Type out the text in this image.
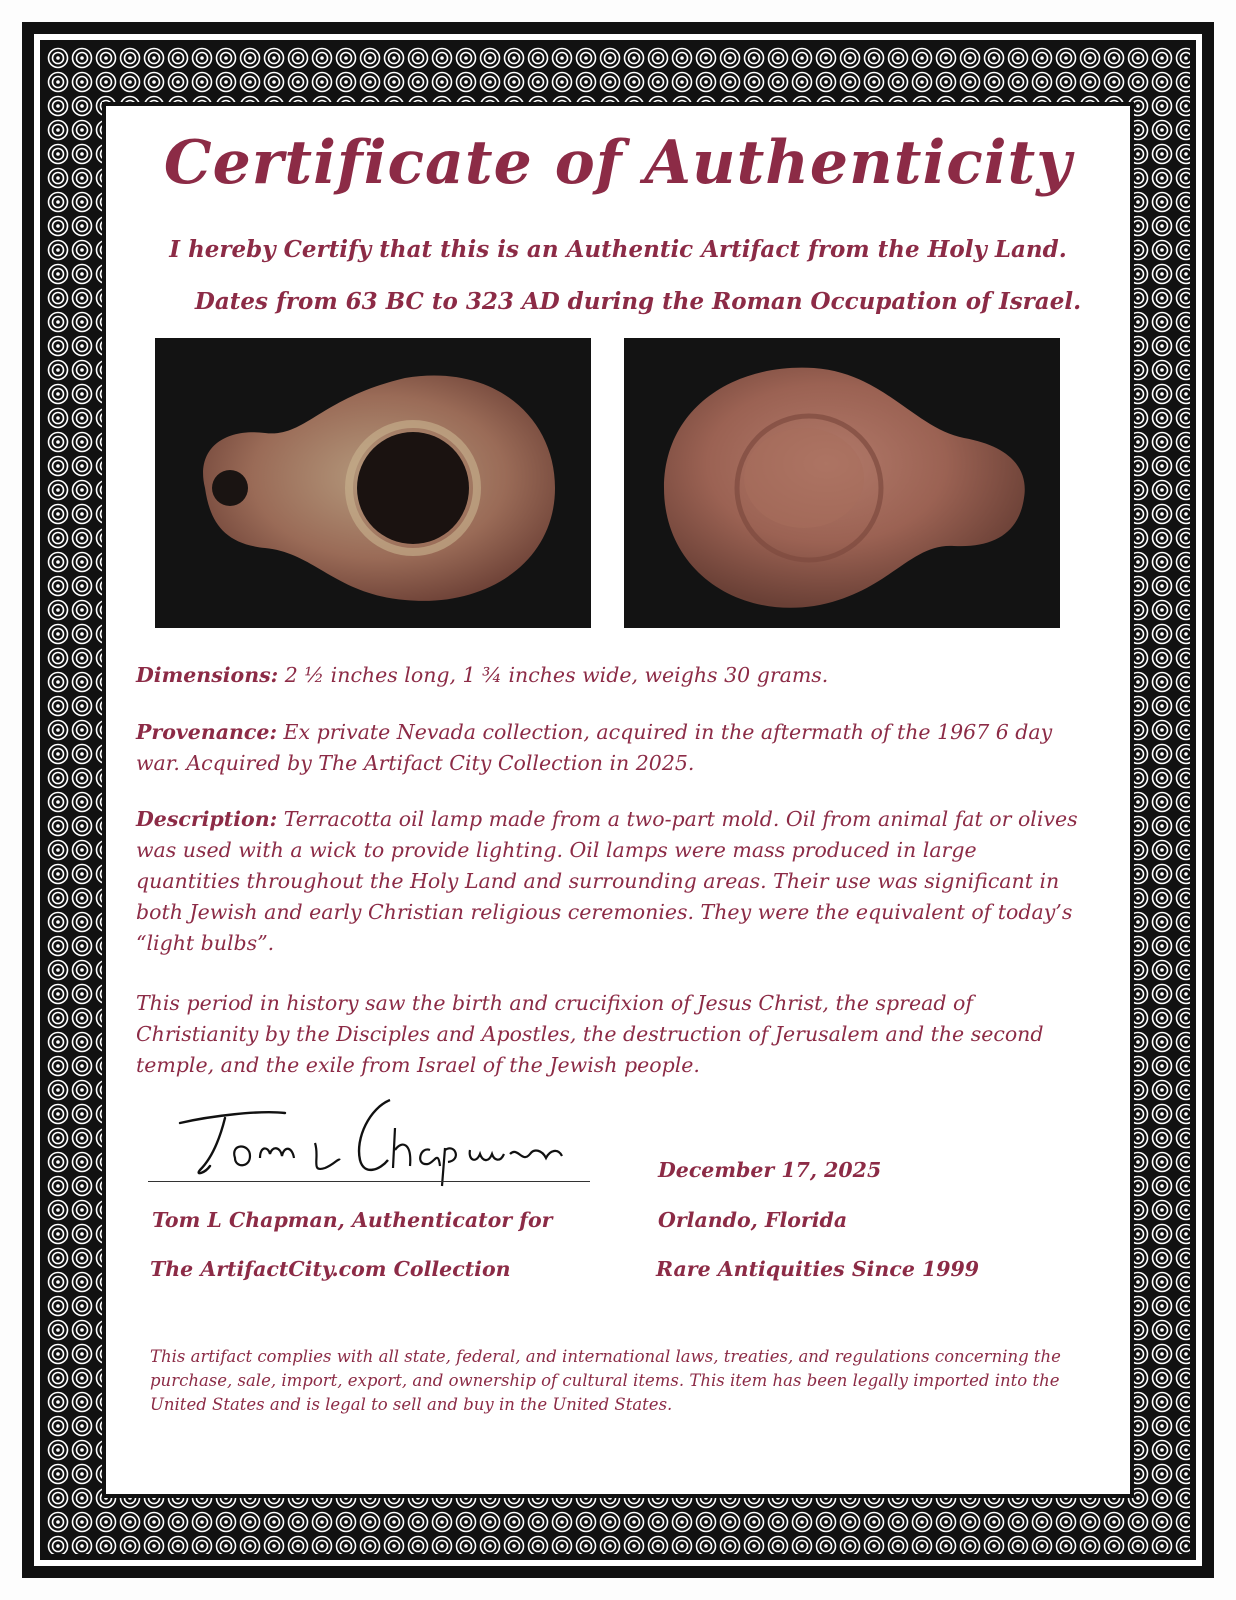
Certificate of Authenticity
I hereby Certify that this is an Authentic Artifact from the Holy Land.
Dates from 63 BC to 323 AD during the Roman Occupation of Israel.
Dimensions: 2 ½ inches long, 1 ¾ inches wide, weighs 30 grams.
Provenance: Ex private Nevada collection, acquired in the aftermath of the 1967 6 day war. Acquired by The Artifact City Collection in 2025.
Description: Terracotta oil lamp made from a two-part mold. Oil from animal fat or olives was used with a wick to provide lighting. Oil lamps were mass produced in large quantities throughout the Holy Land and surrounding areas. Their use was significant in both Jewish and early Christian religious ceremonies. They were the equivalent of today’s “light bulbs”.
This period in history saw the birth and crucifixion of Jesus Christ, the spread of Christianity by the Disciples and Apostles, the destruction of Jerusalem and the second temple, and the exile from Israel of the Jewish people.
Tom L Chapman, Authenticator for
The ArtifactCity.com Collection
December 17, 2025
Orlando, Florida
Rare Antiquities Since 1999
This artifact complies with all state, federal, and international laws, treaties, and regulations concerning the purchase, sale, import, export, and ownership of cultural items. This item has been legally imported into the United States and is legal to sell and buy in the United States.
